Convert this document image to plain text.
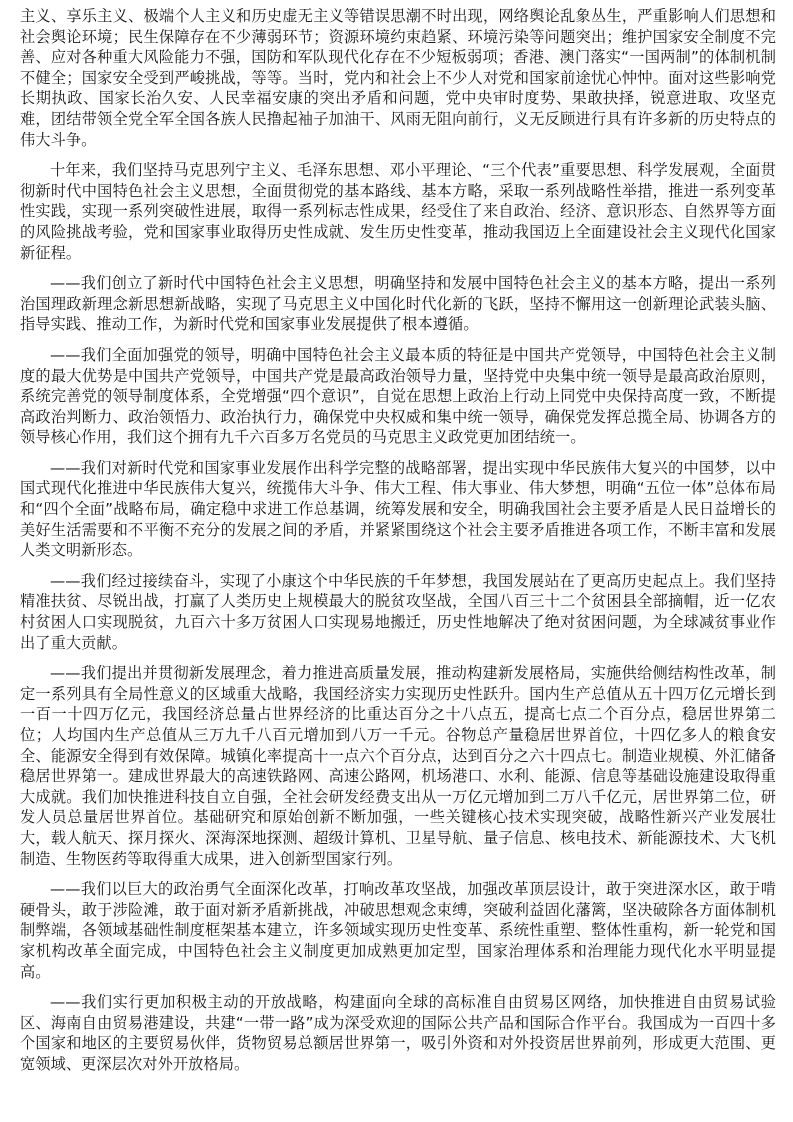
主义、享乐主义、极端个人主义和历史虚无主义等错误思潮不时出现，网络舆论乱象丛生，严重影响人们思想和社会舆论环境；民生保障存在不少薄弱环节；资源环境约束趋紧、环境污染等问题突出；维护国家安全制度不完善、应对各种重大风险能力不强，国防和军队现代化存在不少短板弱项；香港、澳门落实“一国两制”的体制机制不健全；国家安全受到严峻挑战，等等。当时，党内和社会上不少人对党和国家前途忧心忡忡。面对这些影响党长期执政、国家长治久安、人民幸福安康的突出矛盾和问题，党中央审时度势、果敢抉择，锐意进取、攻坚克难，团结带领全党全军全国各族人民撸起袖子加油干、风雨无阻向前行，义无反顾进行具有许多新的历史特点的伟大斗争。

十年来，我们坚持马克思列宁主义、毛泽东思想、邓小平理论、“三个代表”重要思想、科学发展观，全面贯彻新时代中国特色社会主义思想，全面贯彻党的基本路线、基本方略，采取一系列战略性举措，推进一系列变革性实践，实现一系列突破性进展，取得一系列标志性成果，经受住了来自政治、经济、意识形态、自然界等方面的风险挑战考验，党和国家事业取得历史性成就、发生历史性变革，推动我国迈上全面建设社会主义现代化国家新征程。

——我们创立了新时代中国特色社会主义思想，明确坚持和发展中国特色社会主义的基本方略，提出一系列治国理政新理念新思想新战略，实现了马克思主义中国化时代化新的飞跃，坚持不懈用这一创新理论武装头脑、指导实践、推动工作，为新时代党和国家事业发展提供了根本遵循。

——我们全面加强党的领导，明确中国特色社会主义最本质的特征是中国共产党领导，中国特色社会主义制度的最大优势是中国共产党领导，中国共产党是最高政治领导力量，坚持党中央集中统一领导是最高政治原则，系统完善党的领导制度体系，全党增强“四个意识”，自觉在思想上政治上行动上同党中央保持高度一致，不断提高政治判断力、政治领悟力、政治执行力，确保党中央权威和集中统一领导，确保党发挥总揽全局、协调各方的领导核心作用，我们这个拥有九千六百多万名党员的马克思主义政党更加团结统一。

——我们对新时代党和国家事业发展作出科学完整的战略部署，提出实现中华民族伟大复兴的中国梦，以中国式现代化推进中华民族伟大复兴，统揽伟大斗争、伟大工程、伟大事业、伟大梦想，明确“五位一体”总体布局和“四个全面”战略布局，确定稳中求进工作总基调，统筹发展和安全，明确我国社会主要矛盾是人民日益增长的美好生活需要和不平衡不充分的发展之间的矛盾，并紧紧围绕这个社会主要矛盾推进各项工作，不断丰富和发展人类文明新形态。

——我们经过接续奋斗，实现了小康这个中华民族的千年梦想，我国发展站在了更高历史起点上。我们坚持精准扶贫、尽锐出战，打赢了人类历史上规模最大的脱贫攻坚战，全国八百三十二个贫困县全部摘帽，近一亿农村贫困人口实现脱贫，九百六十多万贫困人口实现易地搬迁，历史性地解决了绝对贫困问题，为全球减贫事业作出了重大贡献。

——我们提出并贯彻新发展理念，着力推进高质量发展，推动构建新发展格局，实施供给侧结构性改革，制定一系列具有全局性意义的区域重大战略，我国经济实力实现历史性跃升。国内生产总值从五十四万亿元增长到一百一十四万亿元，我国经济总量占世界经济的比重达百分之十八点五，提高七点二个百分点，稳居世界第二位；人均国内生产总值从三万九千八百元增加到八万一千元。谷物总产量稳居世界首位，十四亿多人的粮食安全、能源安全得到有效保障。城镇化率提高十一点六个百分点，达到百分之六十四点七。制造业规模、外汇储备稳居世界第一。建成世界最大的高速铁路网、高速公路网，机场港口、水利、能源、信息等基础设施建设取得重大成就。我们加快推进科技自立自强，全社会研发经费支出从一万亿元增加到二万八千亿元，居世界第二位，研发人员总量居世界首位。基础研究和原始创新不断加强，一些关键核心技术实现突破，战略性新兴产业发展壮大，载人航天、探月探火、深海深地探测、超级计算机、卫星导航、量子信息、核电技术、新能源技术、大飞机制造、生物医药等取得重大成果，进入创新型国家行列。

——我们以巨大的政治勇气全面深化改革，打响改革攻坚战，加强改革顶层设计，敢于突进深水区，敢于啃硬骨头，敢于涉险滩，敢于面对新矛盾新挑战，冲破思想观念束缚，突破利益固化藩篱，坚决破除各方面体制机制弊端，各领域基础性制度框架基本建立，许多领域实现历史性变革、系统性重塑、整体性重构，新一轮党和国家机构改革全面完成，中国特色社会主义制度更加成熟更加定型，国家治理体系和治理能力现代化水平明显提高。

——我们实行更加积极主动的开放战略，构建面向全球的高标准自由贸易区网络，加快推进自由贸易试验区、海南自由贸易港建设，共建“一带一路”成为深受欢迎的国际公共产品和国际合作平台。我国成为一百四十多个国家和地区的主要贸易伙伴，货物贸易总额居世界第一，吸引外资和对外投资居世界前列，形成更大范围、更宽领域、更深层次对外开放格局。
